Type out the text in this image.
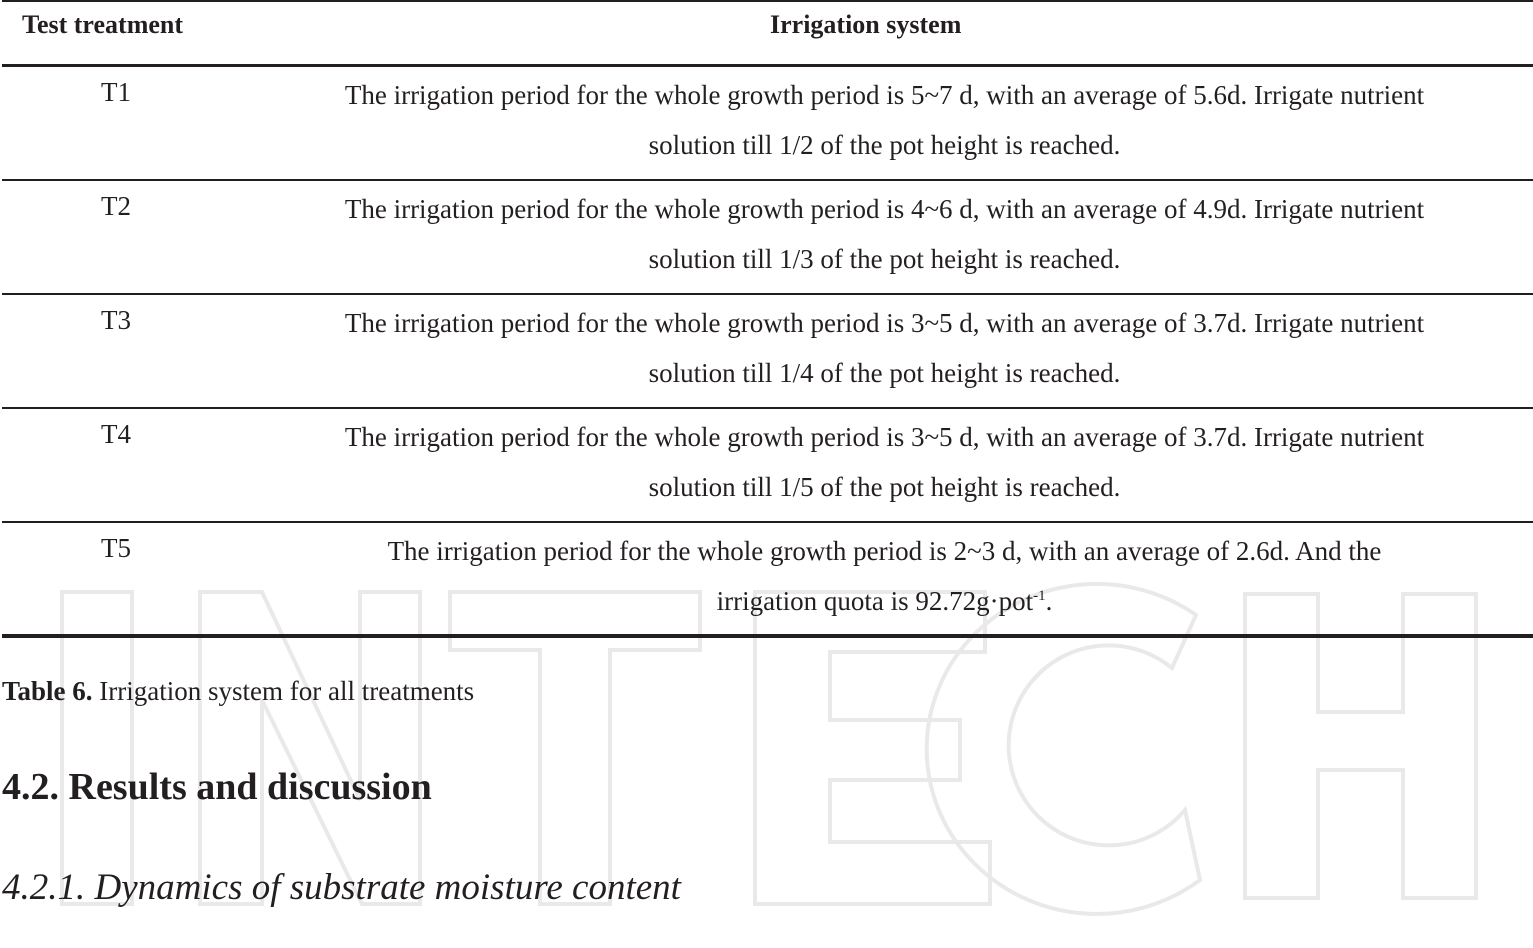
Test treatment	Irrigation system
T1	The irrigation period for the whole growth period is 5~7 d, with an average of 5.6d. Irrigate nutrient
solution till 1/2 of the pot height is reached.
T2	The irrigation period for the whole growth period is 4~6 d, with an average of 4.9d. Irrigate nutrient
solution till 1/3 of the pot height is reached.
T3	The irrigation period for the whole growth period is 3~5 d, with an average of 3.7d. Irrigate nutrient
solution till 1/4 of the pot height is reached.
T4	The irrigation period for the whole growth period is 3~5 d, with an average of 3.7d. Irrigate nutrient
solution till 1/5 of the pot height is reached.
T5	The irrigation period for the whole growth period is 2~3 d, with an average of 2.6d. And the
irrigation quota is 92.72g·pot$^{-1}$.
Table 6. Irrigation system for all treatments
4.2. Results and discussion
4.2.1. Dynamics of substrate moisture content
